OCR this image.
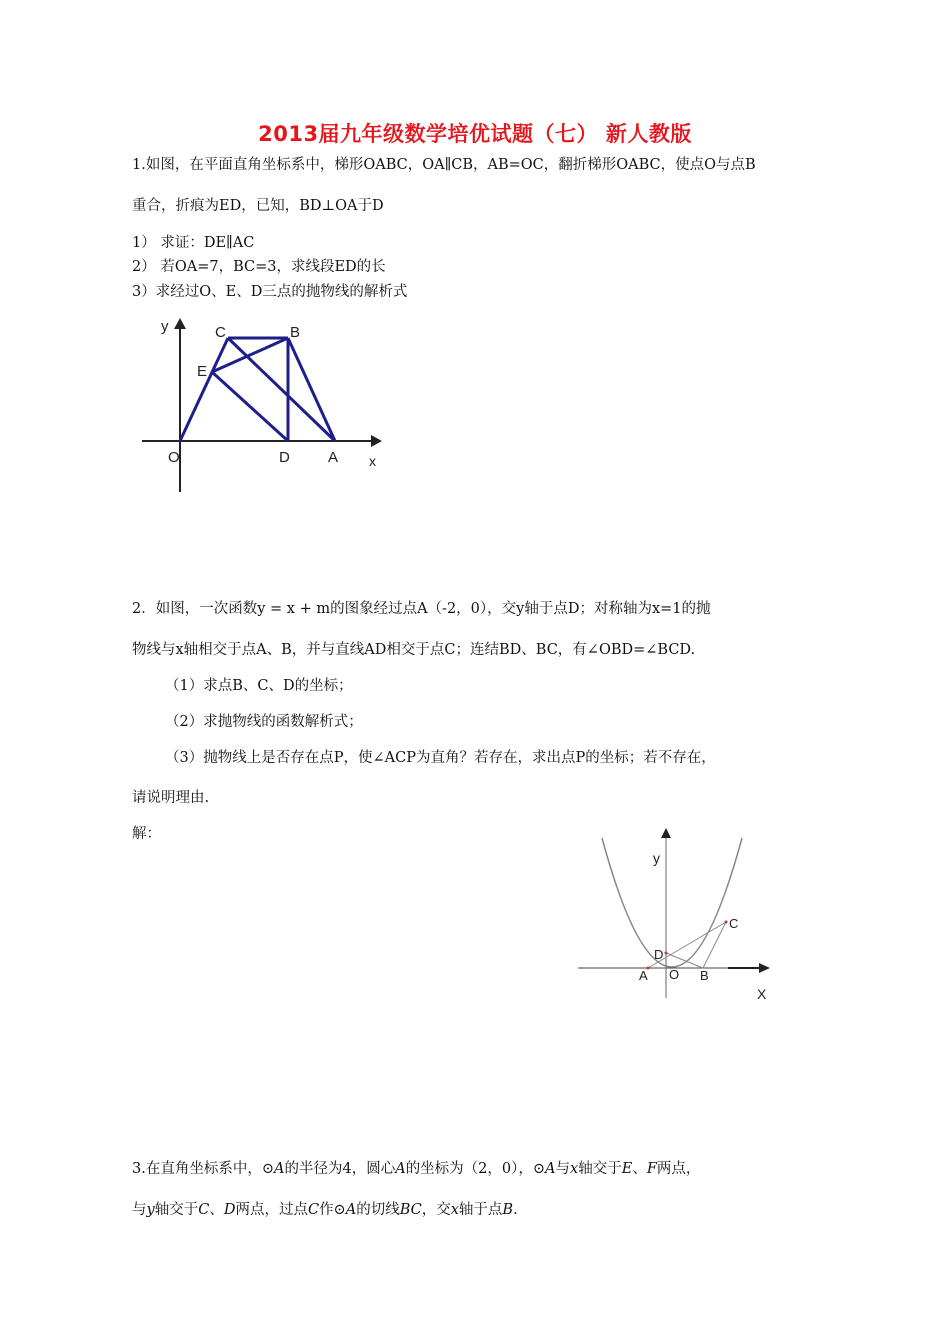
2013届九年级数学培优试题（七） 新人教版
1.如图，在平面直角坐标系中，梯形OABC，OA∥CB，AB=OC，翻折梯形OABC，使点O与点B
重合，折痕为ED，已知，BD⊥OA于D
1） 求证：DE∥AC
2） 若OA=7，BC=3，求线段ED的长
3）求经过O、E、D三点的抛物线的解析式
y	C	B
E
O	D	A x
2．如图，一次函数y = x + m的图象经过点A（-2，0），交y轴于点D；对称轴为x=1的抛
物线与x轴相交于点A、B，并与直线AD相交于点C；连结BD、BC，有∠OBD=∠BCD.
（1）求点B、C、D的坐标；
（2）求抛物线的函数解析式；
（3）抛物线上是否存在点P，使∠ACP为直角？若存在，求出点P的坐标；若不存在，
请说明理由.
解：
y
C
D
A O B
X
3.在直角坐标系中，⊙A的半径为4，圆心A的坐标为（2，0），⊙A与x轴交于E、F两点，
与y轴交于C、D两点，过点C作⊙A的切线BC，交x轴于点B.
